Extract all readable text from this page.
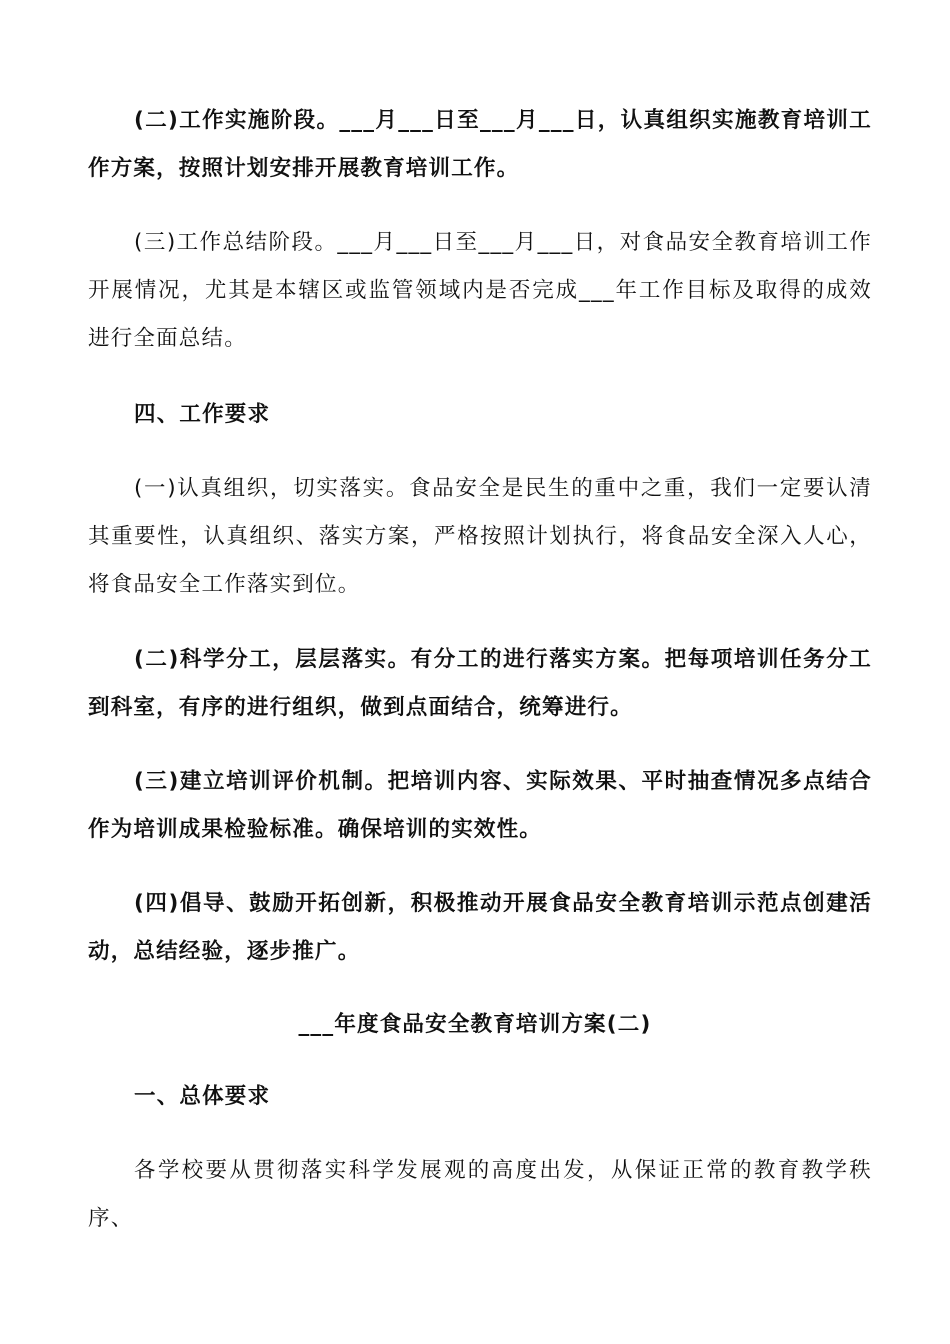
(二)工作实施阶段。___月___日至___月___日，认真组织实施教育培训工作方案，按照计划安排开展教育培训工作。

(三)工作总结阶段。___月___日至___月___日，对食品安全教育培训工作开展情况，尤其是本辖区或监管领域内是否完成___年工作目标及取得的成效进行全面总结。

四、工作要求

(一)认真组织，切实落实。食品安全是民生的重中之重，我们一定要认清其重要性，认真组织、落实方案，严格按照计划执行，将食品安全深入人心，将食品安全工作落实到位。

(二)科学分工，层层落实。有分工的进行落实方案。把每项培训任务分工到科室，有序的进行组织，做到点面结合，统筹进行。

(三)建立培训评价机制。把培训内容、实际效果、平时抽查情况多点结合作为培训成果检验标准。确保培训的实效性。

(四)倡导、鼓励开拓创新，积极推动开展食品安全教育培训示范点创建活动，总结经验，逐步推广。

___年度食品安全教育培训方案(二)

一、总体要求

各学校要从贯彻落实科学发展观的高度出发，从保证正常的教育教学秩序、
